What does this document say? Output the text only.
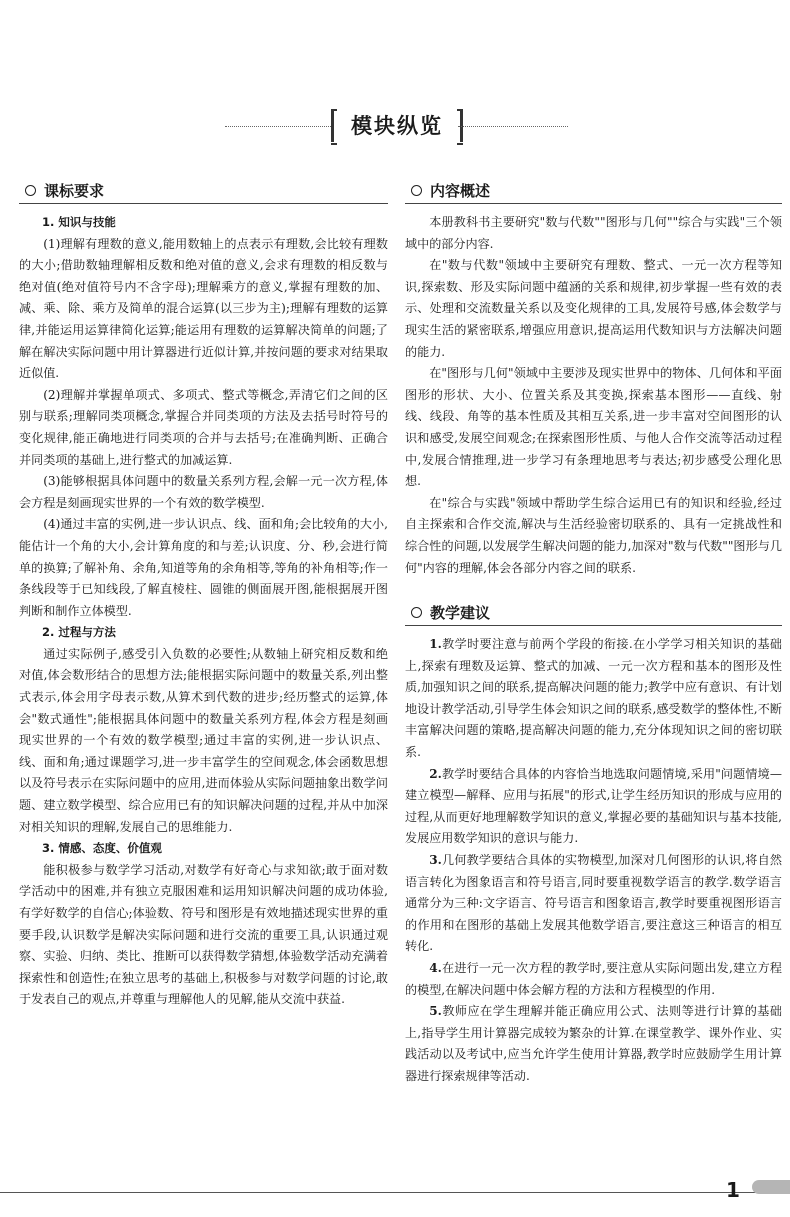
模块纵览
课标要求

1. 知识与技能

(1)理解有理数的意义,能用数轴上的点表示有理数,会比较有理数的大小;借助数轴理解相反数和绝对值的意义,会求有理数的相反数与绝对值(绝对值符号内不含字母);理解乘方的意义,掌握有理数的加、减、乘、除、乘方及简单的混合运算(以三步为主);理解有理数的运算律,并能运用运算律简化运算;能运用有理数的运算解决简单的问题;了解在解决实际问题中用计算器进行近似计算,并按问题的要求对结果取近似值.

(2)理解并掌握单项式、多项式、整式等概念,弄清它们之间的区别与联系;理解同类项概念,掌握合并同类项的方法及去括号时符号的变化规律,能正确地进行同类项的合并与去括号;在准确判断、正确合并同类项的基础上,进行整式的加减运算.

(3)能够根据具体问题中的数量关系列方程,会解一元一次方程,体会方程是刻画现实世界的一个有效的数学模型.

(4)通过丰富的实例,进一步认识点、线、面和角;会比较角的大小,能估计一个角的大小,会计算角度的和与差;认识度、分、秒,会进行简单的换算;了解补角、余角,知道等角的余角相等,等角的补角相等;作一条线段等于已知线段,了解直棱柱、圆锥的侧面展开图,能根据展开图判断和制作立体模型.

2. 过程与方法

通过实际例子,感受引入负数的必要性;从数轴上研究相反数和绝对值,体会数形结合的思想方法;能根据实际问题中的数量关系,列出整式表示,体会用字母表示数,从算术到代数的进步;经历整式的运算,体会"数式通性";能根据具体问题中的数量关系列方程,体会方程是刻画现实世界的一个有效的数学模型;通过丰富的实例,进一步认识点、线、面和角;通过课题学习,进一步丰富学生的空间观念,体会函数思想以及符号表示在实际问题中的应用,进而体验从实际问题抽象出数学问题、建立数学模型、综合应用已有的知识解决问题的过程,并从中加深对相关知识的理解,发展自己的思维能力.

3. 情感、态度、价值观

能积极参与数学学习活动,对数学有好奇心与求知欲;敢于面对数学活动中的困难,并有独立克服困难和运用知识解决问题的成功体验,有学好数学的自信心;体验数、符号和图形是有效地描述现实世界的重要手段,认识数学是解决实际问题和进行交流的重要工具,认识通过观察、实验、归纳、类比、推断可以获得数学猜想,体验数学活动充满着探索性和创造性;在独立思考的基础上,积极参与对数学问题的讨论,敢于发表自己的观点,并尊重与理解他人的见解,能从交流中获益.

内容概述

本册教科书主要研究"数与代数""图形与几何""综合与实践"三个领域中的部分内容.

在"数与代数"领域中主要研究有理数、整式、一元一次方程等知识,探索数、形及实际问题中蕴涵的关系和规律,初步掌握一些有效的表示、处理和交流数量关系以及变化规律的工具,发展符号感,体会数学与现实生活的紧密联系,增强应用意识,提高运用代数知识与方法解决问题的能力.

在"图形与几何"领域中主要涉及现实世界中的物体、几何体和平面图形的形状、大小、位置关系及其变换,探索基本图形——直线、射线、线段、角等的基本性质及其相互关系,进一步丰富对空间图形的认识和感受,发展空间观念;在探索图形性质、与他人合作交流等活动过程中,发展合情推理,进一步学习有条理地思考与表达;初步感受公理化思想.

在"综合与实践"领域中帮助学生综合运用已有的知识和经验,经过自主探索和合作交流,解决与生活经验密切联系的、具有一定挑战性和综合性的问题,以发展学生解决问题的能力,加深对"数与代数""图形与几何"内容的理解,体会各部分内容之间的联系.

教学建议

1.教学时要注意与前两个学段的衔接.在小学学习相关知识的基础上,探索有理数及运算、整式的加减、一元一次方程和基本的图形及性质,加强知识之间的联系,提高解决问题的能力;教学中应有意识、有计划地设计教学活动,引导学生体会知识之间的联系,感受数学的整体性,不断丰富解决问题的策略,提高解决问题的能力,充分体现知识之间的密切联系.

2.教学时要结合具体的内容恰当地选取问题情境,采用"问题情境—建立模型—解释、应用与拓展"的形式,让学生经历知识的形成与应用的过程,从而更好地理解数学知识的意义,掌握必要的基础知识与基本技能,发展应用数学知识的意识与能力.

3.几何教学要结合具体的实物模型,加深对几何图形的认识,将自然语言转化为图象语言和符号语言,同时要重视数学语言的教学.数学语言通常分为三种:文字语言、符号语言和图象语言,教学时要重视图形语言的作用和在图形的基础上发展其他数学语言,要注意这三种语言的相互转化.

4.在进行一元一次方程的教学时,要注意从实际问题出发,建立方程的模型,在解决问题中体会解方程的方法和方程模型的作用.

5.教师应在学生理解并能正确应用公式、法则等进行计算的基础上,指导学生用计算器完成较为繁杂的计算.在课堂教学、课外作业、实践活动以及考试中,应当允许学生使用计算器,教学时应鼓励学生用计算器进行探索规律等活动.

1
